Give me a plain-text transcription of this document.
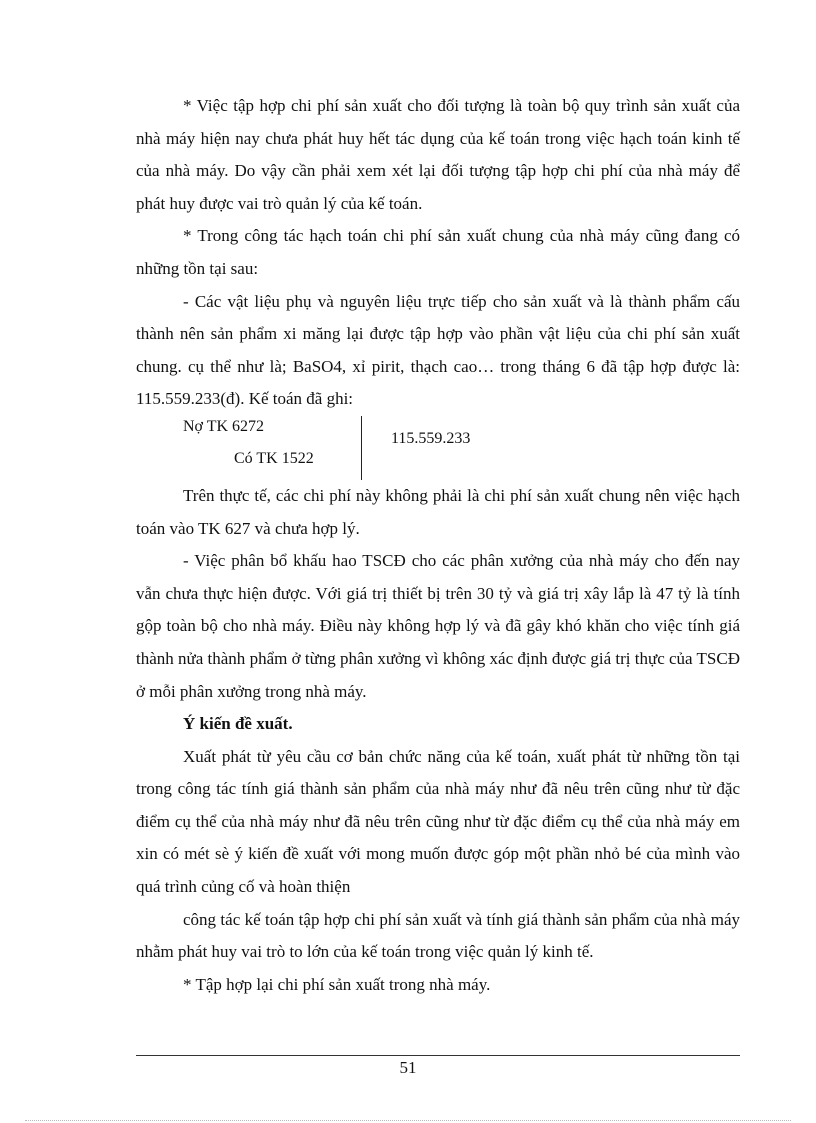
* Việc tập hợp chi phí sản xuất cho đối tượng là toàn bộ quy trình sản xuất của nhà máy hiện nay chưa phát huy hết tác dụng của kế toán trong việc hạch toán kinh tế của nhà máy. Do vậy cần phải xem xét lại đối tượng tập hợp chi phí của nhà máy để phát huy được vai trò quản lý của kế toán.

* Trong công tác hạch toán chi phí sản xuất chung của nhà máy cũng đang có những tồn tại sau:

- Các vật liệu phụ và nguyên liệu trực tiếp cho sản xuất và là thành phẩm cấu thành nên sản phẩm xi măng lại được tập hợp vào phần vật liệu của chi phí sản xuất chung. cụ thể như là; BaSO4, xỉ pirit, thạch cao… trong tháng 6 đã tập hợp được là: 115.559.233(đ). Kế toán đã ghi:

Nợ TK 6272
Có TK 1522
115.559.233

Trên thực tế, các chi phí này không phải là chi phí sản xuất chung nên việc hạch toán vào TK 627 và chưa hợp lý.

- Việc phân bổ khấu hao TSCĐ cho các phân xưởng của nhà máy cho đến nay vẫn chưa thực hiện được. Với giá trị thiết bị trên 30 tỷ và giá trị xây lắp là 47 tỷ là tính gộp toàn bộ cho nhà máy. Điều này không hợp lý và đã gây khó khăn cho việc tính giá thành nửa thành phẩm ở từng phân xưởng vì không xác định được giá trị thực của TSCĐ ở mỗi phân xưởng trong nhà máy.

Ý kiến đề xuất.

Xuất phát từ yêu cầu cơ bản chức năng của kế toán, xuất phát từ những tồn tại trong công tác tính giá thành sản phẩm của nhà máy như đã nêu trên cũng như từ đặc điểm cụ thể của nhà máy như đã nêu trên cũng như từ đặc điểm cụ thể của nhà máy em xin có mét sè ý kiến đề xuất với mong muốn được góp một phần nhỏ bé của mình vào quá trình củng cố và hoàn thiện

công tác kế toán tập hợp chi phí sản xuất và tính giá thành sản phẩm của nhà máy nhằm phát huy vai trò to lớn của kế toán trong việc quản lý kinh tế.

* Tập hợp lại chi phí sản xuất trong nhà máy.

51
